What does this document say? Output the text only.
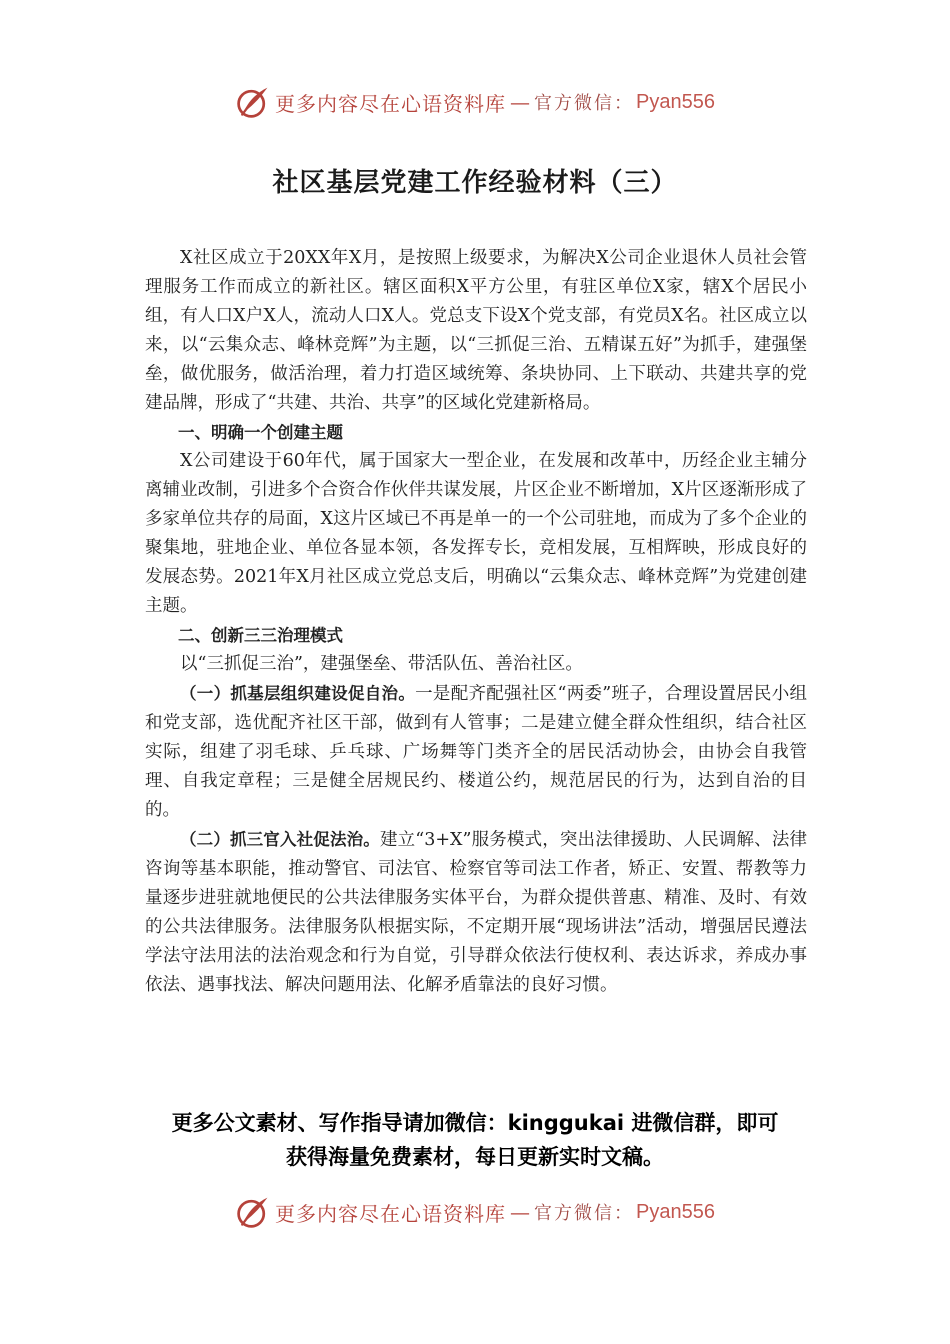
更多内容尽在心语资料库 — 官方微信： Pyan556
社区基层党建工作经验材料（三）

X社区成立于20XX年X月，是按照上级要求，为解决X公司企业退休人员社会管理服务工作而成立的新社区。辖区面积X平方公里，有驻区单位X家，辖X个居民小组，有人口X户X人，流动人口X人。党总支下设X个党支部，有党员X名。社区成立以来，以“云集众志、峰林竞辉”为主题，以“三抓促三治、五精谋五好”为抓手，建强堡垒，做优服务，做活治理，着力打造区域统筹、条块协同、上下联动、共建共享的党建品牌，形成了“共建、共治、共享”的区域化党建新格局。

一、明确一个创建主题

X公司建设于60年代，属于国家大一型企业，在发展和改革中，历经企业主辅分离辅业改制，引进多个合资合作伙伴共谋发展，片区企业不断增加，X片区逐渐形成了多家单位共存的局面，X这片区域已不再是单一的一个公司驻地，而成为了多个企业的聚集地，驻地企业、单位各显本领，各发挥专长，竞相发展，互相辉映，形成良好的发展态势。2021年X月社区成立党总支后，明确以“云集众志、峰林竞辉”为党建创建主题。

二、创新三三治理模式

以“三抓促三治”，建强堡垒、带活队伍、善治社区。

（一）抓基层组织建设促自治。一是配齐配强社区“两委”班子，合理设置居民小组和党支部，选优配齐社区干部，做到有人管事；二是建立健全群众性组织，结合社区实际，组建了羽毛球、乒乓球、广场舞等门类齐全的居民活动协会，由协会自我管理、自我定章程；三是健全居规民约、楼道公约，规范居民的行为，达到自治的目的。

（二）抓三官入社促法治。建立“3+X”服务模式，突出法律援助、人民调解、法律咨询等基本职能，推动警官、司法官、检察官等司法工作者，矫正、安置、帮教等力量逐步进驻就地便民的公共法律服务实体平台，为群众提供普惠、精准、及时、有效的公共法律服务。法律服务队根据实际，不定期开展“现场讲法”活动，增强居民遵法学法守法用法的法治观念和行为自觉，引导群众依法行使权利、表达诉求，养成办事依法、遇事找法、解决问题用法、化解矛盾靠法的良好习惯。

更多公文素材、写作指导请加微信：kinggukai 进微信群，即可
获得海量免费素材，每日更新实时文稿。
更多内容尽在心语资料库 — 官方微信： Pyan556
